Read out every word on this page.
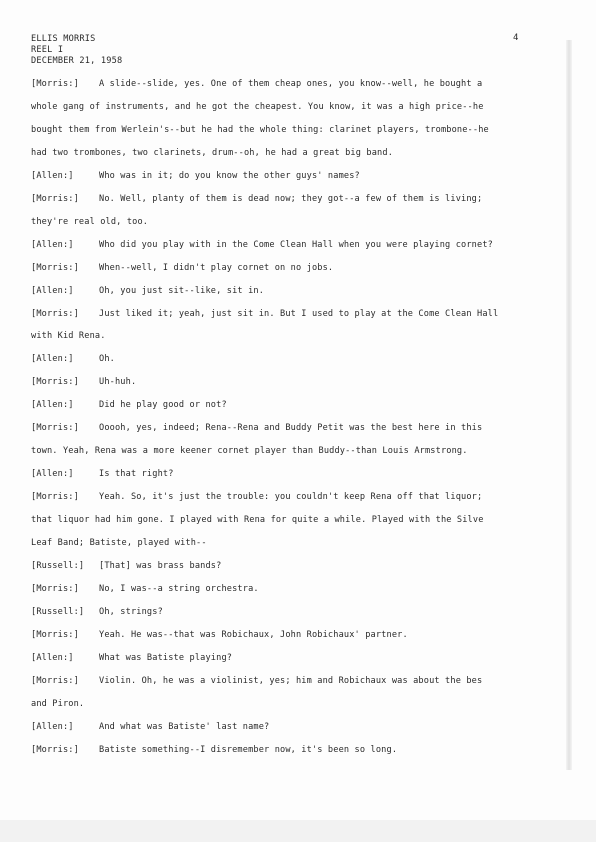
ELLIS MORRIS
REEL I
DECEMBER 21, 1958
4
[Morris:] A slide--slide, yes. One of them cheap ones, you know--well, he bought a
whole gang of instruments, and he got the cheapest. You know, it was a high price--he
bought them from Werlein's--but he had the whole thing: clarinet players, trombone--he
had two trombones, two clarinets, drum--oh, he had a great big band.
[Allen:]	Who was in it; do you know the other guys' names?
[Morris:] No. Well, planty of them is dead now; they got--a few of them is living;
they're real old, too.
[Allen:]	Who did you play with in the Come Clean Hall when you were playing cornet?
[Morris:] When--well, I didn't play cornet on no jobs.
[Allen:]	Oh, you just sit--like, sit in.
[Morris:] Just liked it; yeah, just sit in. But I used to play at the Come Clean Hall
with Kid Rena.
[Allen:]	Oh.
[Morris:] Uh-huh.
[Allen:]	Did he play good or not?
[Morris:] Ooooh, yes, indeed; Rena--Rena and Buddy Petit was the best here in this
town. Yeah, Rena was a more keener cornet player than Buddy--than Louis Armstrong.
[Allen:]	Is that right?
[Morris:] Yeah. So, it's just the trouble: you couldn't keep Rena off that liquor;
that liquor had him gone. I played with Rena for quite a while. Played with the Silve
Leaf Band; Batiste, played with--
[Russell:] [That] was brass bands?
[Morris:] No, I was--a string orchestra.
[Russell:] Oh, strings?
[Morris:] Yeah. He was--that was Robichaux, John Robichaux' partner.
[Allen:]	What was Batiste playing?
[Morris:] Violin. Oh, he was a violinist, yes; him and Robichaux was about the bes
and Piron.
[Allen:]	And what was Batiste' last name?
[Morris:] Batiste something--I disremember now, it's been so long.
